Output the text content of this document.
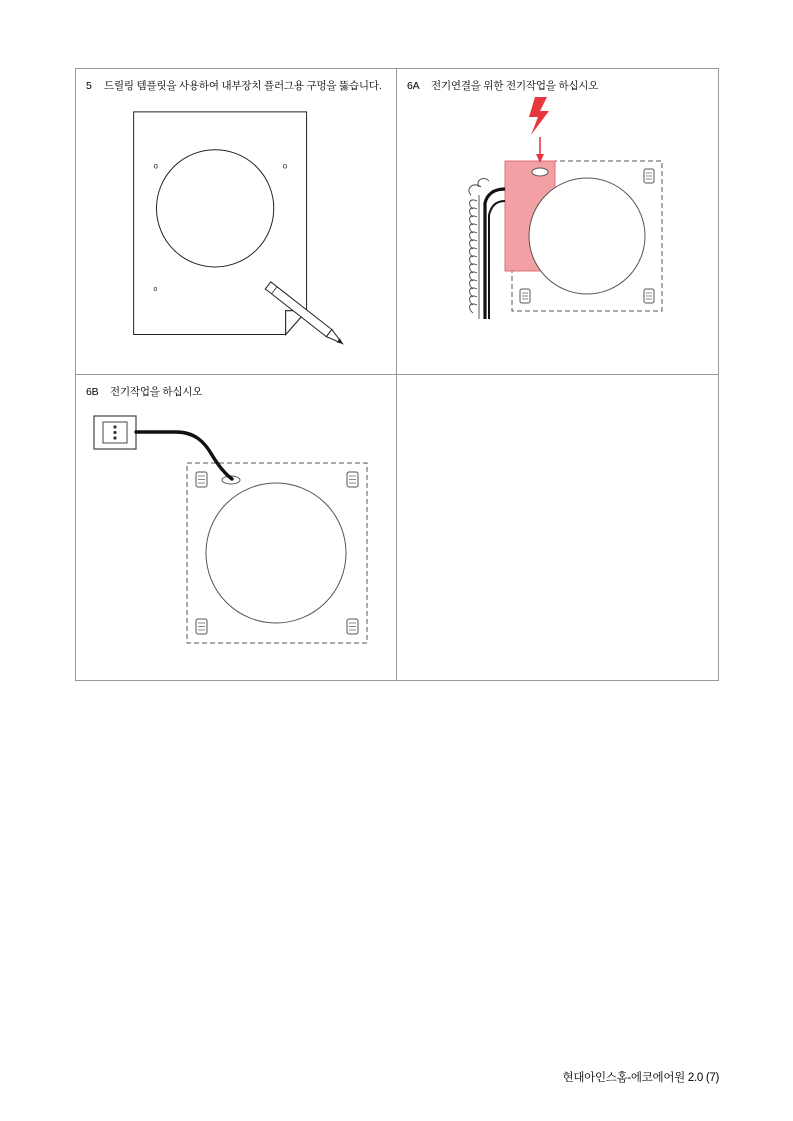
5	드릴링 템플릿을 사용하여 내부장치 플러그용 구멍을 뚫습니다.
o	o
o
6A	전기연결을 위한 전기작업을 하십시오
6B	전기작업을 하십시오
현대아인스홈-에코에어원 2.0 (7)
